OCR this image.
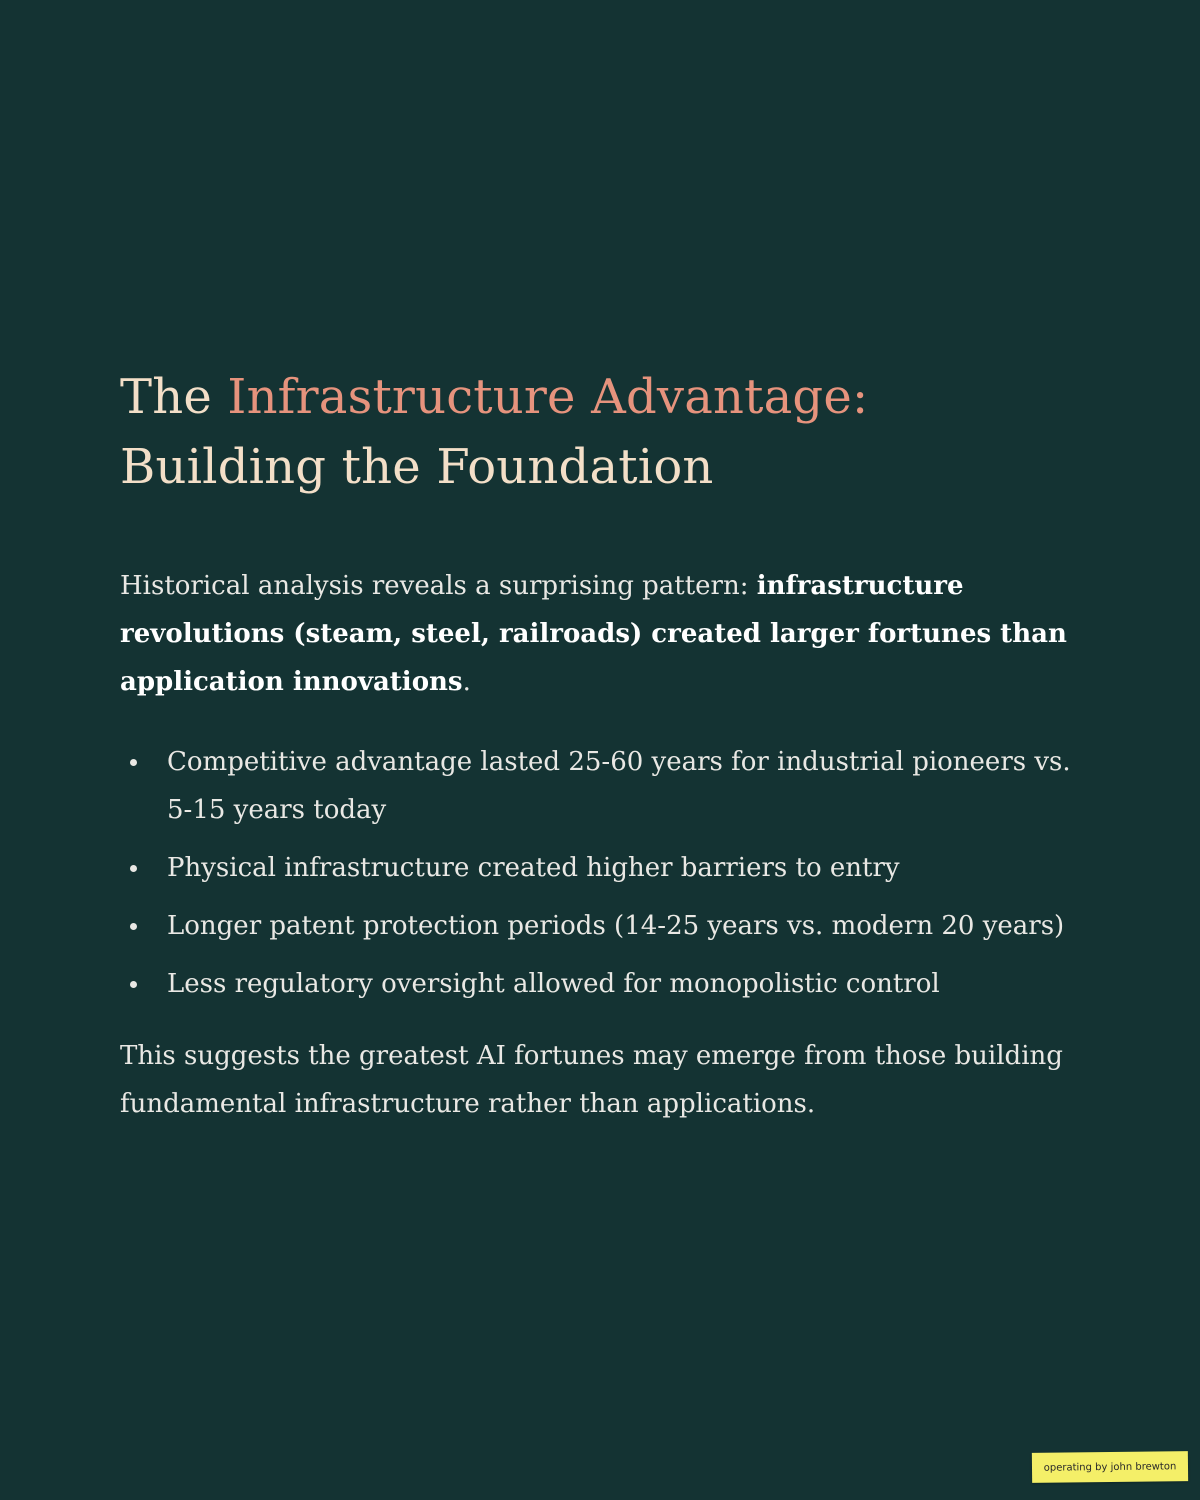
The Infrastructure Advantage:
Building the Foundation

Historical analysis reveals a surprising pattern: infrastructure revolutions (steam, steel, railroads) created larger fortunes than application innovations.

Competitive advantage lasted 25-60 years for industrial pioneers vs. 5-15 years today
Physical infrastructure created higher barriers to entry
Longer patent protection periods (14-25 years vs. modern 20 years)
Less regulatory oversight allowed for monopolistic control

This suggests the greatest AI fortunes may emerge from those building fundamental infrastructure rather than applications.

operating by john brewton
